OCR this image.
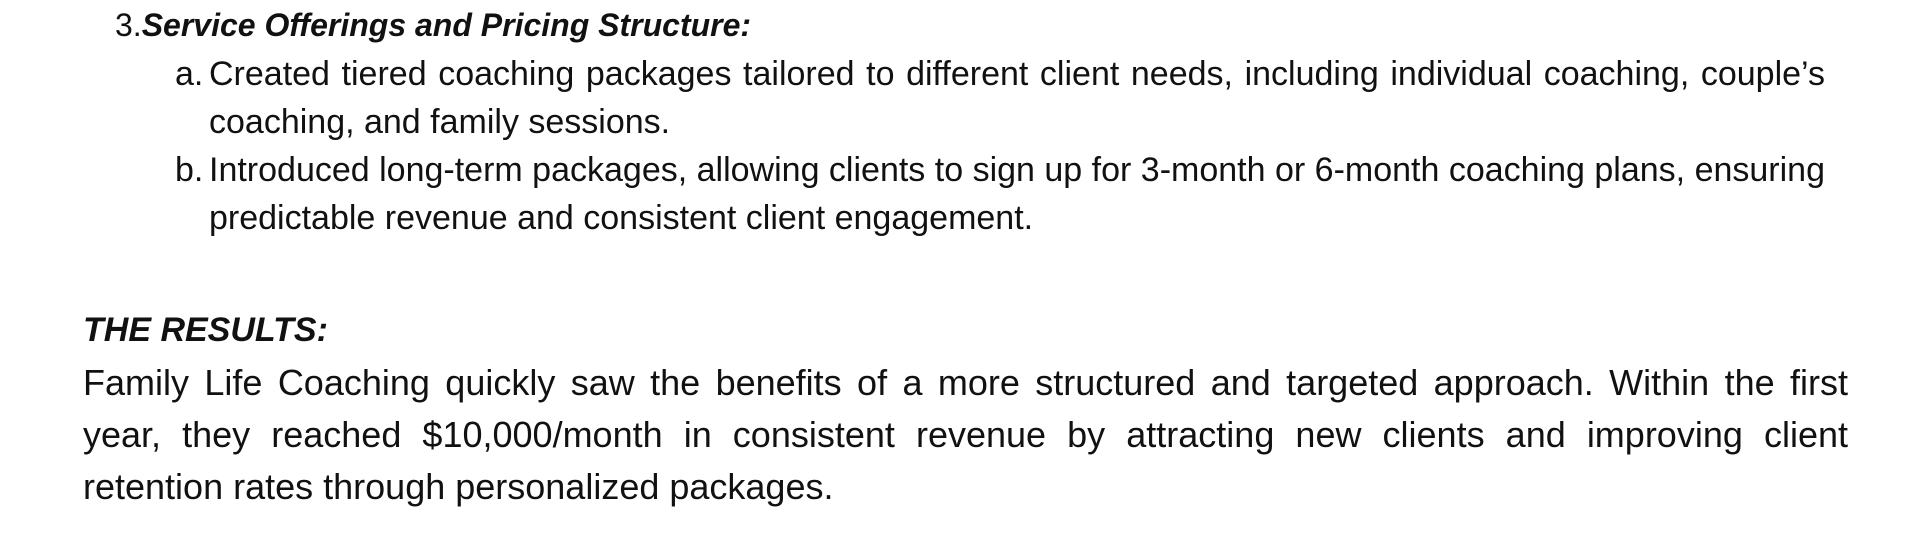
3.Service Offerings and Pricing Structure:
a. Created tiered coaching packages tailored to different client needs, including individual coaching, couple’s coaching, and family sessions.
b. Introduced long-term packages, allowing clients to sign up for 3-month or 6-month coaching plans, ensuring predictable revenue and consistent client engagement.
THE RESULTS:
Family Life Coaching quickly saw the benefits of a more structured and targeted approach. Within the first year, they reached $10,000/month in consistent revenue by attracting new clients and improving client retention rates through personalized packages.
